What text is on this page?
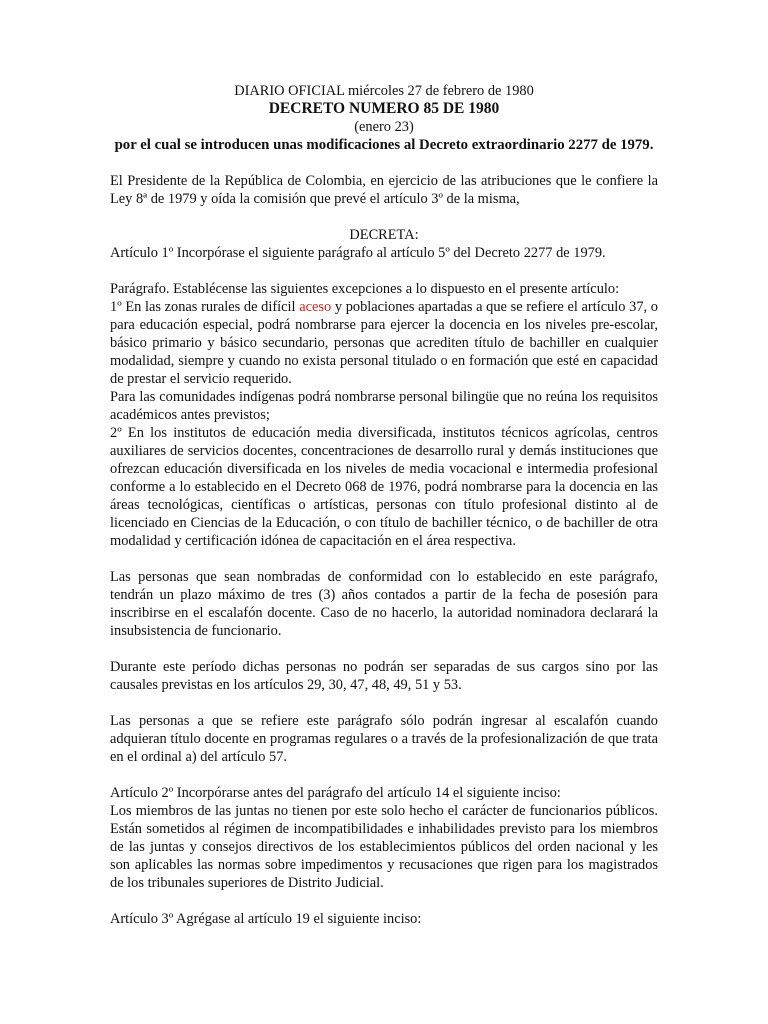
DIARIO OFICIAL miércoles 27 de febrero de 1980
DECRETO NUMERO 85 DE 1980
(enero 23)
por el cual se introducen unas modificaciones al Decreto extraordinario 2277 de 1979.

El Presidente de la República de Colombia, en ejercicio de las atribuciones que le confiere la Ley 8ª de 1979 y oída la comisión que prevé el artículo 3º de la misma,

DECRETA:

Artículo 1º Incorpórase el siguiente parágrafo al artículo 5º del Decreto 2277 de 1979.

Parágrafo. Establécense las siguientes excepciones a lo dispuesto en el presente artículo:

1º En las zonas rurales de difícil aceso y poblaciones apartadas a que se refiere el artículo 37, o para educación especial, podrá nombrarse para ejercer la docencia en los niveles pre-escolar, básico primario y básico secundario, personas que acrediten título de bachiller en cualquier modalidad, siempre y cuando no exista personal titulado o en formación que esté en capacidad de prestar el servicio requerido.

Para las comunidades indígenas podrá nombrarse personal bilingüe que no reúna los requisitos académicos antes previstos;

2º En los institutos de educación media diversificada, institutos técnicos agrícolas, centros auxiliares de servicios docentes, concentraciones de desarrollo rural y demás instituciones que ofrezcan educación diversificada en los niveles de media vocacional e intermedia profesional conforme a lo establecido en el Decreto 068 de 1976, podrá nombrarse para la docencia en las áreas tecnológicas, científicas o artísticas, personas con título profesional distinto al de licenciado en Ciencias de la Educación, o con título de bachiller técnico, o de bachiller de otra modalidad y certificación idónea de capacitación en el área respectiva.

Las personas que sean nombradas de conformidad con lo establecido en este parágrafo, tendrán un plazo máximo de tres (3) años contados a partir de la fecha de posesión para inscribirse en el escalafón docente. Caso de no hacerlo, la autoridad nominadora declarará la insubsistencia de funcionario.

Durante este período dichas personas no podrán ser separadas de sus cargos sino por las causales previstas en los artículos 29, 30, 47, 48, 49, 51 y 53.

Las personas a que se refiere este parágrafo sólo podrán ingresar al escalafón cuando adquieran título docente en programas regulares o a través de la profesionalización de que trata en el ordinal a) del artículo 57.

Artículo 2º Incorpórarse antes del parágrafo del artículo 14 el siguiente inciso:

Los miembros de las juntas no tienen por este solo hecho el carácter de funcionarios públicos. Están sometidos al régimen de incompatibilidades e inhabilidades previsto para los miembros de las juntas y consejos directivos de los establecimientos públicos del orden nacional y les son aplicables las normas sobre impedimentos y recusaciones que rigen para los magistrados de los tribunales superiores de Distrito Judicial.

Artículo 3º Agrégase al artículo 19 el siguiente inciso:
